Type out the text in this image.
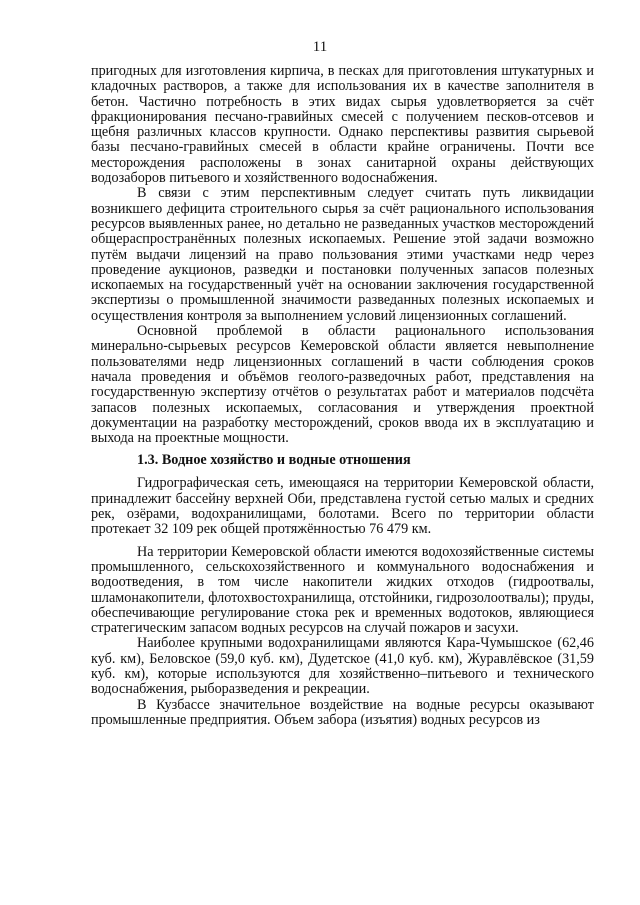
11

пригодных для изготовления кирпича, в песках для приготовления штукатурных и кладочных растворов, а также для использования их в качестве заполнителя в бетон. Частично потребность в этих видах сырья удовлетворяется за счёт фракционирования песчано-гравийных смесей с получением песков-отсевов и щебня различных классов крупности. Однако перспективы развития сырьевой базы песчано-гравийных смесей в области крайне ограничены. Почти все месторождения расположены в зонах санитарной охраны действующих водозаборов питьевого и хозяйственного водоснабжения.

В связи с этим перспективным следует считать путь ликвидации возникшего дефицита строительного сырья за счёт рационального использования ресурсов выявленных ранее, но детально не разведанных участков месторождений общераспространённых полезных ископаемых. Решение этой задачи возможно путём выдачи лицензий на право пользования этими участками недр через проведение аукционов, разведки и постановки полученных запасов полезных ископаемых на государственный учёт на основании заключения государственной экспертизы о промышленной значимости разведанных полезных ископаемых и осуществления контроля за выполнением условий лицензионных соглашений.

Основной проблемой в области рационального использования минерально-сырьевых ресурсов Кемеровской области является невыполнение пользователями недр лицензионных соглашений в части соблюдения сроков начала проведения и объёмов геолого-разведочных работ, представления на государственную экспертизу отчётов о результатах работ и материалов подсчёта запасов полезных ископаемых, согласования и утверждения проектной документации на разработку месторождений, сроков ввода их в эксплуатацию и выхода на проектные мощности.

1.3. Водное хозяйство и водные отношения

Гидрографическая сеть, имеющаяся на территории Кемеровской области, принадлежит бассейну верхней Оби, представлена густой сетью малых и средних рек, озёрами, водохранилищами, болотами. Всего по территории области протекает 32 109 рек общей протяжённостью 76 479 км.

На территории Кемеровской области имеются водохозяйственные системы промышленного, сельскохозяйственного и коммунального водоснабжения и водоотведения, в том числе накопители жидких отходов (гидроотвалы, шламонакопители, флотохвостохранилища, отстойники, гидрозолоотвалы); пруды, обеспечивающие регулирование стока рек и временных водотоков, являющиеся стратегическим запасом водных ресурсов на случай пожаров и засухи.

Наиболее крупными водохранилищами являются Кара-Чумышское (62,46 куб. км), Беловское (59,0 куб. км), Дудетское (41,0 куб. км), Журавлёвское (31,59 куб. км), которые используются для хозяйственно–питьевого и технического водоснабжения, рыборазведения и рекреации.

В Кузбассе значительное воздействие на водные ресурсы оказывают промышленные предприятия. Объем забора (изъятия) водных ресурсов из
